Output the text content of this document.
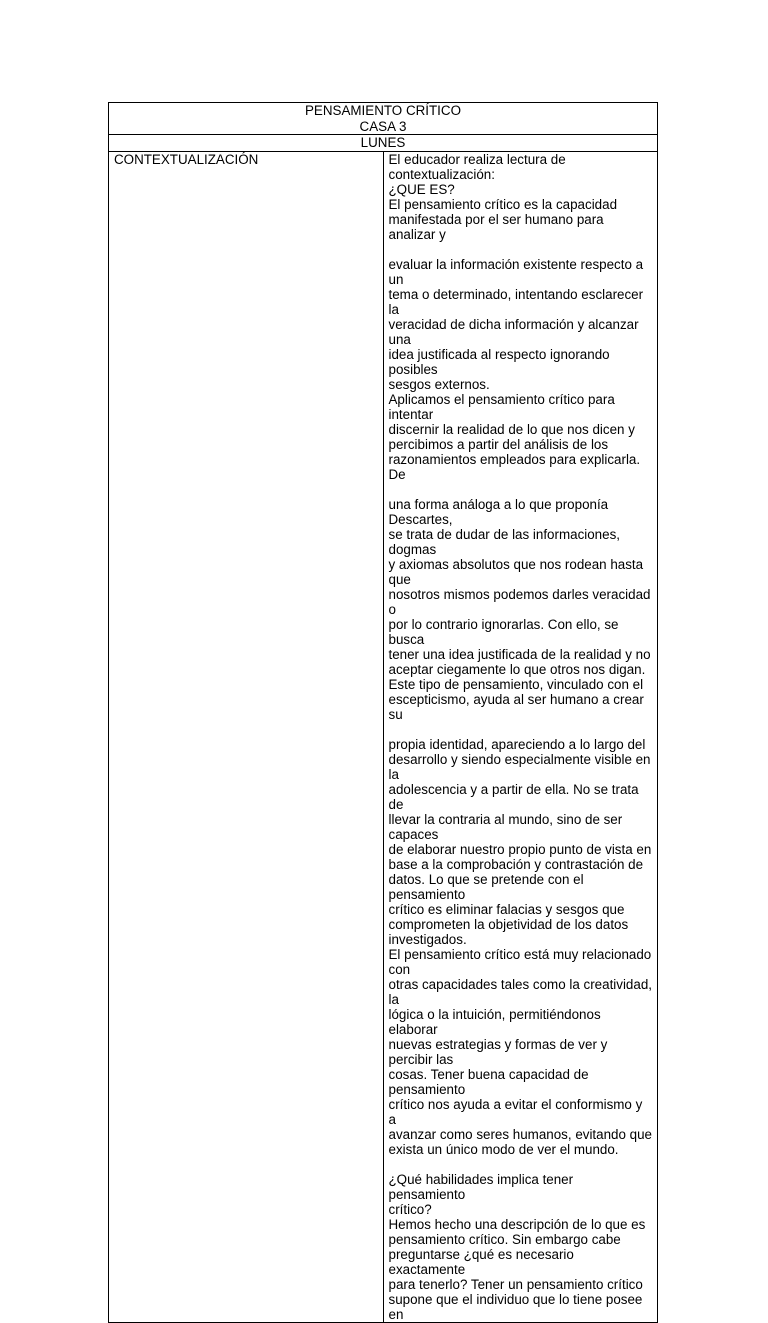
PENSAMIENTO CRÍTICO
CASA 3

LUNES

CONTEXTUALIZACIÓN	El educador realiza lectura de
contextualización:
¿QUE ES?
El pensamiento crítico es la capacidad
manifestada por el ser humano para analizar y
evaluar la información existente respecto a un
tema o determinado, intentando esclarecer la
veracidad de dicha información y alcanzar una
idea justificada al respecto ignorando posibles
sesgos externos.
Aplicamos el pensamiento crítico para intentar
discernir la realidad de lo que nos dicen y
percibimos a partir del análisis de los
razonamientos empleados para explicarla. De
una forma análoga a lo que proponía Descartes,
se trata de dudar de las informaciones, dogmas
y axiomas absolutos que nos rodean hasta que
nosotros mismos podemos darles veracidad o
por lo contrario ignorarlas. Con ello, se busca
tener una idea justificada de la realidad y no
aceptar ciegamente lo que otros nos digan.
Este tipo de pensamiento, vinculado con el
escepticismo, ayuda al ser humano a crear su
propia identidad, apareciendo a lo largo del
desarrollo y siendo especialmente visible en la
adolescencia y a partir de ella. No se trata de
llevar la contraria al mundo, sino de ser capaces
de elaborar nuestro propio punto de vista en
base a la comprobación y contrastación de
datos. Lo que se pretende con el pensamiento
crítico es eliminar falacias y sesgos que
comprometen la objetividad de los datos
investigados.
El pensamiento crítico está muy relacionado con
otras capacidades tales como la creatividad, la
lógica o la intuición, permitiéndonos elaborar
nuevas estrategias y formas de ver y percibir las
cosas. Tener buena capacidad de pensamiento
crítico nos ayuda a evitar el conformismo y a
avanzar como seres humanos, evitando que
exista un único modo de ver el mundo.
¿Qué habilidades implica tener pensamiento
crítico?
Hemos hecho una descripción de lo que es
pensamiento crítico. Sin embargo cabe
preguntarse ¿qué es necesario exactamente
para tenerlo? Tener un pensamiento crítico
supone que el individuo que lo tiene posee en
